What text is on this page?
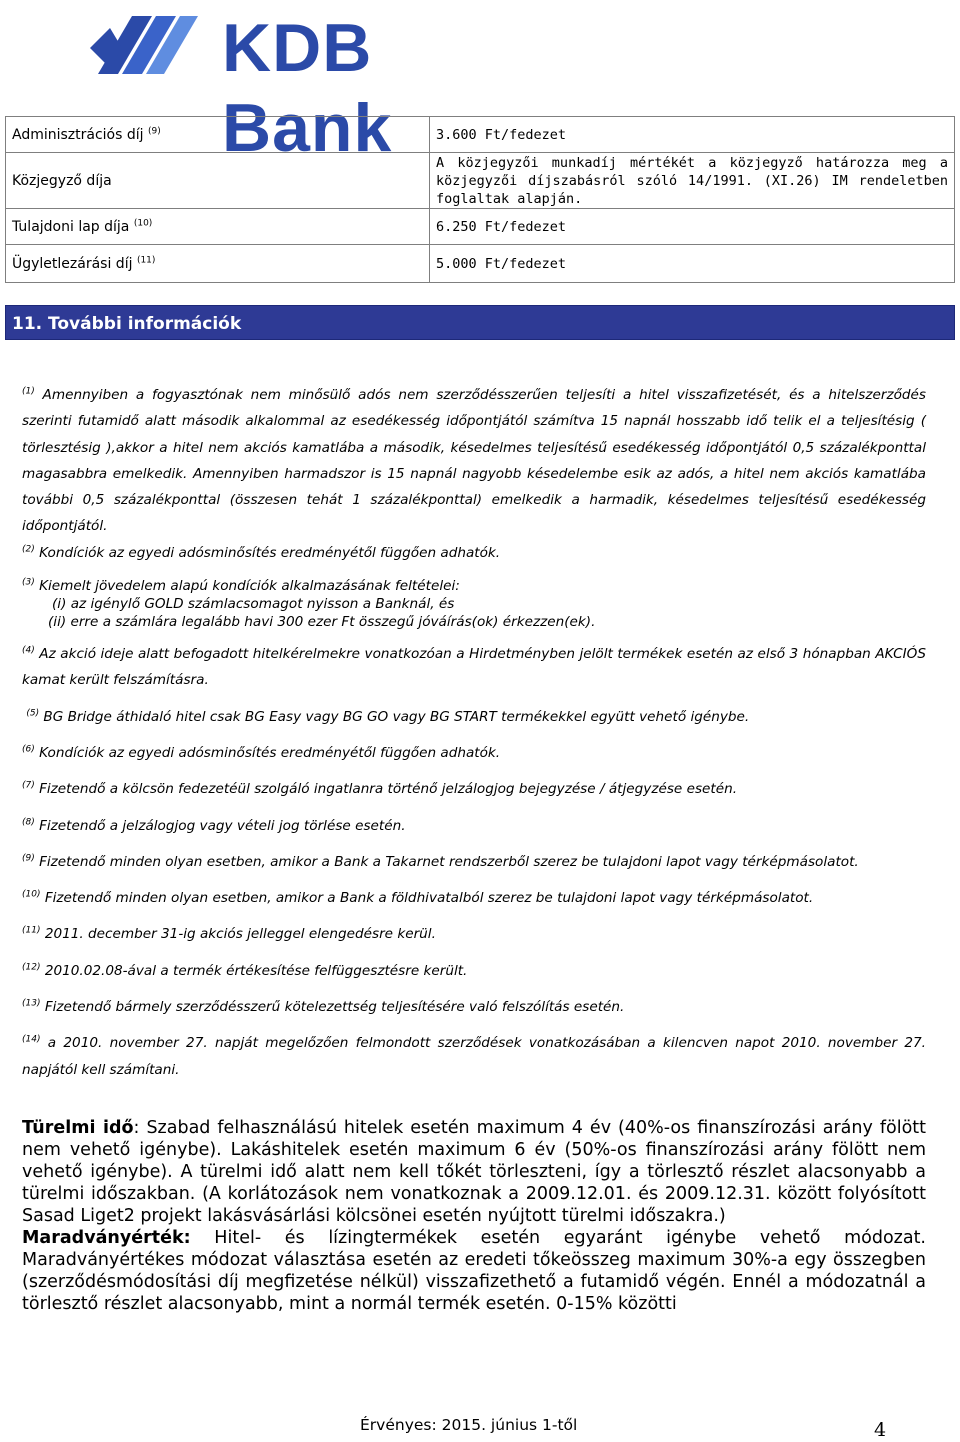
KDB Bank
Adminisztrációs díj $^{(9)}$	3.600 Ft/fedezet
Közjegyző díja	A közjegyzői munkadíj mértékét a közjegyző határozza meg a közjegyzői díjszabásról szóló 14/1991. (XI.26) IM rendeletben foglaltak alapján.
Tulajdoni lap díja $^{(10)}$	6.250 Ft/fedezet
Ügyletlezárási díj $^{(11)}$	5.000 Ft/fedezet
11. További információk

$^{(1)}$ Amennyiben a fogyasztónak nem minősülő adós nem szerződésszerűen teljesíti a hitel visszafizetését, és a hitelszerződés szerinti futamidő alatt második alkalommal az esedékesség időpontjától számítva 15 napnál hosszabb idő telik el a teljesítésig ( törlesztésig ),akkor a hitel nem akciós kamatlába a második, késedelmes teljesítésű esedékesség időpontjától 0,5 százalékponttal magasabbra emelkedik. Amennyiben harmadszor is 15 napnál nagyobb késedelembe esik az adós, a hitel nem akciós kamatlába további 0,5 százalékponttal (összesen tehát 1 százalékponttal) emelkedik a harmadik, késedelmes teljesítésű esedékesség időpontjától.

$^{(2)}$ Kondíciók az egyedi adósminősítés eredményétől függően adhatók.

$^{(3)}$ Kiemelt jövedelem alapú kondíciók alkalmazásának feltételei:

(i) az igénylő GOLD számlacsomagot nyisson a Banknál, és

(ii) erre a számlára legalább havi 300 ezer Ft összegű jóváírás(ok) érkezzen(ek).

$^{(4)}$ Az akció ideje alatt befogadott hitelkérelmekre vonatkozóan a Hirdetményben jelölt termékek esetén az első 3 hónapban AKCIÓS kamat került felszámításra.

$^{(5)}$ BG Bridge áthidaló hitel csak BG Easy vagy BG GO vagy BG START termékekkel együtt vehető igénybe.

$^{(6)}$ Kondíciók az egyedi adósminősítés eredményétől függően adhatók.

$^{(7)}$ Fizetendő a kölcsön fedezetéül szolgáló ingatlanra történő jelzálogjog bejegyzése / átjegyzése esetén.

$^{(8)}$ Fizetendő a jelzálogjog vagy vételi jog törlése esetén.

$^{(9)}$ Fizetendő minden olyan esetben, amikor a Bank a Takarnet rendszerből szerez be tulajdoni lapot vagy térképmásolatot.

$^{(10)}$ Fizetendő minden olyan esetben, amikor a Bank a földhivatalból szerez be tulajdoni lapot vagy térképmásolatot.

$^{(11)}$ 2011. december 31-ig akciós jelleggel elengedésre kerül.

$^{(12)}$ 2010.02.08-ával a termék értékesítése felfüggesztésre került.

$^{(13)}$ Fizetendő bármely szerződésszerű kötelezettség teljesítésére való felszólítás esetén.

$^{(14)}$ a 2010. november 27. napját megelőzően felmondott szerződések vonatkozásában a kilencven napot 2010. november 27. napjától kell számítani.

Türelmi idő: Szabad felhasználású hitelek esetén maximum 4 év (40%-os finanszírozási arány fölött nem vehető igénybe). Lakáshitelek esetén maximum 6 év (50%-os finanszírozási arány fölött nem vehető igénybe). A türelmi idő alatt nem kell tőkét törleszteni, így a törlesztő részlet alacsonyabb a türelmi időszakban. (A korlátozások nem vonatkoznak a 2009.12.01. és 2009.12.31. között folyósított Sasad Liget2 projekt lakásvásárlási kölcsönei esetén nyújtott türelmi időszakra.)

Maradványérték: Hitel- és lízingtermékek esetén egyaránt igénybe vehető módozat. Maradványértékes módozat választása esetén az eredeti tőkeösszeg maximum 30%-a egy összegben (szerződésmódosítási díj megfizetése nélkül) visszafizethető a futamidő végén. Ennél a módozatnál a törlesztő részlet alacsonyabb, mint a normál termék esetén. 0-15% közötti

Érvényes: 2015. június 1-től	4
